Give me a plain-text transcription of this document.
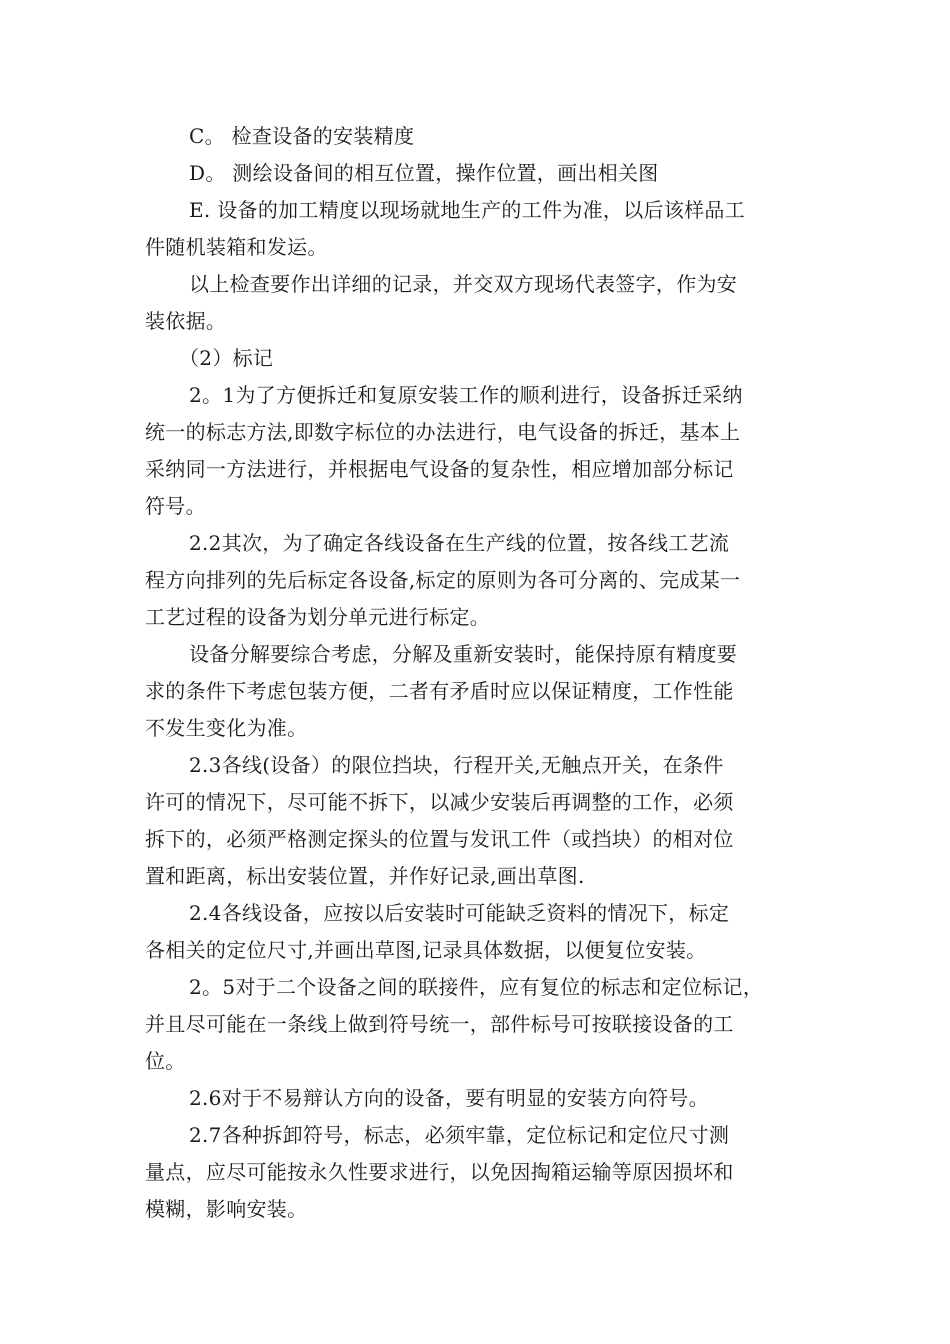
C。 检查设备的安装精度

D。 测绘设备间的相互位置，操作位置，画出相关图

E. 设备的加工精度以现场就地生产的工件为准，以后该样品工
件随机装箱和发运。

以上检查要作出详细的记录，并交双方现场代表签字，作为安
装依据。

（2）标记

2。1为了方便拆迁和复原安装工作的顺利进行，设备拆迁采纳
统一的标志方法,即数字标位的办法进行，电气设备的拆迁，基本上
采纳同一方法进行，并根据电气设备的复杂性，相应增加部分标记
符号。

2.2其次，为了确定各线设备在生产线的位置，按各线工艺流
程方向排列的先后标定各设备,标定的原则为各可分离的、完成某一
工艺过程的设备为划分单元进行标定。

设备分解要综合考虑，分解及重新安装时，能保持原有精度要
求的条件下考虑包装方便，二者有矛盾时应以保证精度，工作性能
不发生变化为准。

2.3各线(设备）的限位挡块，行程开关,无触点开关，在条件
许可的情况下，尽可能不拆下，以减少安装后再调整的工作，必须
拆下的，必须严格测定探头的位置与发讯工件（或挡块）的相对位
置和距离，标出安装位置，并作好记录,画出草图.

2.4各线设备，应按以后安装时可能缺乏资料的情况下，标定
各相关的定位尺寸,并画出草图,记录具体数据，以便复位安装。

2。5对于二个设备之间的联接件，应有复位的标志和定位标记，
并且尽可能在一条线上做到符号统一，部件标号可按联接设备的工
位。

2.6对于不易辩认方向的设备，要有明显的安装方向符号。

2.7各种拆卸符号，标志，必须牢靠，定位标记和定位尺寸测
量点，应尽可能按永久性要求进行，以免因掏箱运输等原因损坏和
模糊，影响安装。
